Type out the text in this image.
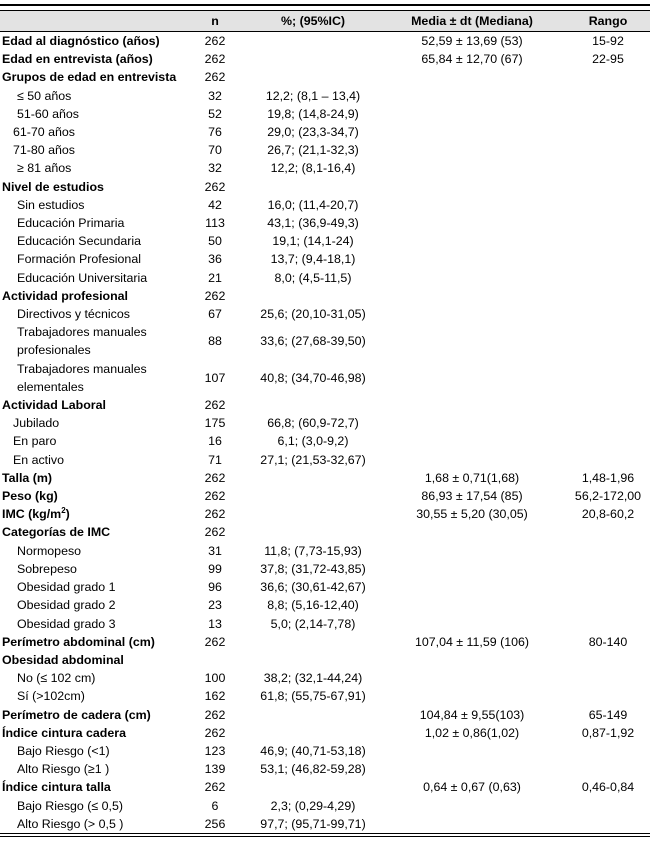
	n	%; (95%IC)	Media ± dt (Mediana)	Rango
Edad al diagnóstico (años)	262		52,59 ± 13,69 (53)	15-92
Edad en entrevista (años)	262		65,84 ± 12,70 (67)	22-95
Grupos de edad en entrevista	262			
≤ 50 años	32	12,2; (8,1 – 13,4)		
51-60 años	52	19,8; (14,8-24,9)		
61-70 años	76	29,0; (23,3-34,7)		
71-80 años	70	26,7; (21,1-32,3)		
≥ 81 años	32	12,2; (8,1-16,4)		
Nivel de estudios	262			
Sin estudios	42	16,0; (11,4-20,7)		
Educación Primaria	113	43,1; (36,9-49,3)		
Educación Secundaria	50	19,1; (14,1-24)		
Formación Profesional	36	13,7; (9,4-18,1)		
Educación Universitaria	21	8,0; (4,5-11,5)		
Actividad profesional	262			
Directivos y técnicos	67	25,6; (20,10-31,05)		
Trabajadores manuales profesionales	88	33,6; (27,68-39,50)		
Trabajadores manuales elementales	107	40,8; (34,70-46,98)		
Actividad Laboral	262			
Jubilado	175	66,8; (60,9-72,7)		
En paro	16	6,1; (3,0-9,2)		
En activo	71	27,1; (21,53-32,67)		
Talla (m)	262		1,68 ± 0,71(1,68)	1,48-1,96
Peso (kg)	262		86,93 ± 17,54 (85)	56,2-172,00
IMC $(kg/m^2)$	262		30,55 ± 5,20 (30,05)	20,8-60,2
Categorías de IMC	262			
Normopeso	31	11,8; (7,73-15,93)		
Sobrepeso	99	37,8; (31,72-43,85)		
Obesidad grado 1	96	36,6; (30,61-42,67)		
Obesidad grado 2	23	8,8; (5,16-12,40)		
Obesidad grado 3	13	5,0; (2,14-7,78)		
Perímetro abdominal (cm)	262		107,04 ± 11,59 (106)	80-140
Obesidad abdominal				
No (≤ 102 cm)	100	38,2; (32,1-44,24)		
Sí (>102cm)	162	61,8; (55,75-67,91)		
Perímetro de cadera (cm)	262		104,84 ± 9,55(103)	65-149
Índice cintura cadera	262		1,02 ± 0,86(1,02)	0,87-1,92
Bajo Riesgo (<1)	123	46,9; (40,71-53,18)		
Alto Riesgo (≥1 )	139	53,1; (46,82-59,28)		
Índice cintura talla	262		0,64 ± 0,67 (0,63)	0,46-0,84
Bajo Riesgo (≤ 0,5)	6	2,3; (0,29-4,29)		
Alto Riesgo (> 0,5 )	256	97,7; (95,71-99,71)		
